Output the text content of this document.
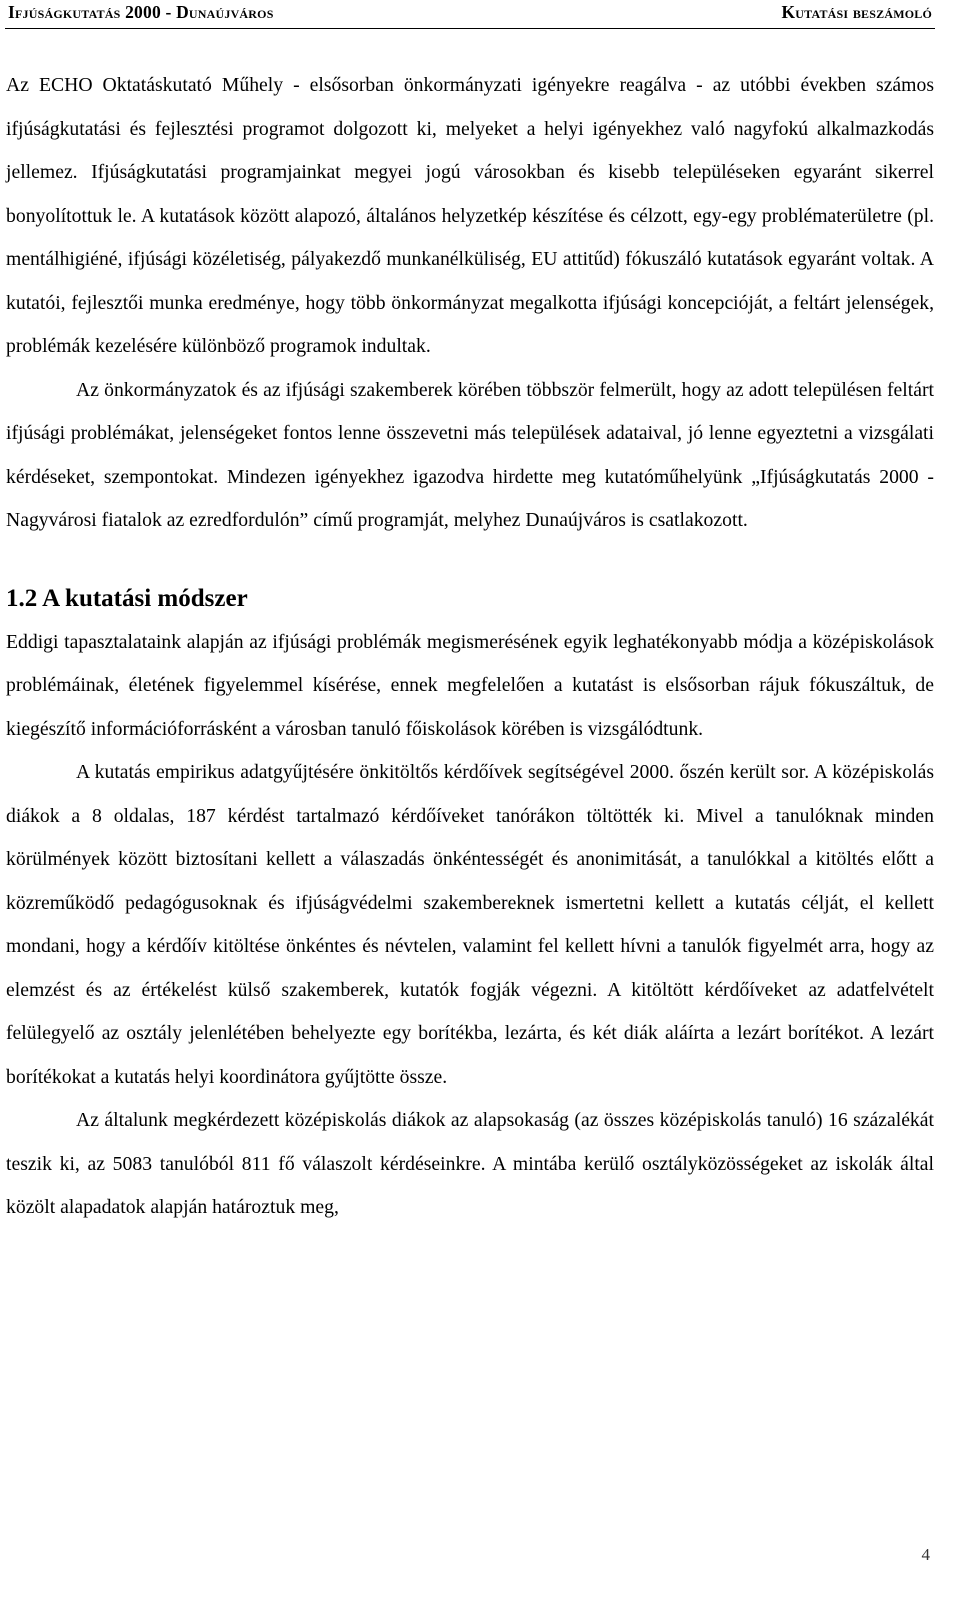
Ifjúságkutatás 2000 - Dunaújváros	Kutatási beszámoló

Az ECHO Oktatáskutató Műhely - elsősorban önkormányzati igényekre reagálva - az utóbbi években számos ifjúságkutatási és fejlesztési programot dolgozott ki, melyeket a helyi igényekhez való nagyfokú alkalmazkodás jellemez. Ifjúságkutatási programjainkat megyei jogú városokban és kisebb településeken egyaránt sikerrel bonyolítottuk le. A kutatások között alapozó, általános helyzetkép készítése és célzott, egy-egy problématerületre (pl. mentálhigiéné, ifjúsági közéletiség, pályakezdő munkanélküliség, EU attitűd) fókuszáló kutatások egyaránt voltak. A kutatói, fejlesztői munka eredménye, hogy több önkormányzat megalkotta ifjúsági koncepcióját, a feltárt jelenségek, problémák kezelésére különböző programok indultak.

Az önkormányzatok és az ifjúsági szakemberek körében többször felmerült, hogy az adott településen feltárt ifjúsági problémákat, jelenségeket fontos lenne összevetni más települések adataival, jó lenne egyeztetni a vizsgálati kérdéseket, szempontokat. Mindezen igényekhez igazodva hirdette meg kutatóműhelyünk „Ifjúságkutatás 2000 - Nagyvárosi fiatalok az ezredfordulón” című programját, melyhez Dunaújváros is csatlakozott.

1.2 A kutatási módszer

Eddigi tapasztalataink alapján az ifjúsági problémák megismerésének egyik leghatékonyabb módja a középiskolások problémáinak, életének figyelemmel kísérése, ennek megfelelően a kutatást is elsősorban rájuk fókuszáltuk, de kiegészítő információforrásként a városban tanuló főiskolások körében is vizsgálódtunk.

A kutatás empirikus adatgyűjtésére önkitöltős kérdőívek segítségével 2000. őszén került sor. A középiskolás diákok a 8 oldalas, 187 kérdést tartalmazó kérdőíveket tanórákon töltötték ki. Mivel a tanulóknak minden körülmények között biztosítani kellett a válaszadás önkéntességét és anonimitását, a tanulókkal a kitöltés előtt a közreműködő pedagógusoknak és ifjúságvédelmi szakembereknek ismertetni kellett a kutatás célját, el kellett mondani, hogy a kérdőív kitöltése önkéntes és névtelen, valamint fel kellett hívni a tanulók figyelmét arra, hogy az elemzést és az értékelést külső szakemberek, kutatók fogják végezni. A kitöltött kérdőíveket az adatfelvételt felülegyelő az osztály jelenlétében behelyezte egy borítékba, lezárta, és két diák aláírta a lezárt borítékot. A lezárt borítékokat a kutatás helyi koordinátora gyűjtötte össze.

Az általunk megkérdezett középiskolás diákok az alapsokaság (az összes középiskolás tanuló) 16 százalékát teszik ki, az 5083 tanulóból 811 fő válaszolt kérdéseinkre. A mintába kerülő osztályközösségeket az iskolák által közölt alapadatok alapján határoztuk meg,

4
